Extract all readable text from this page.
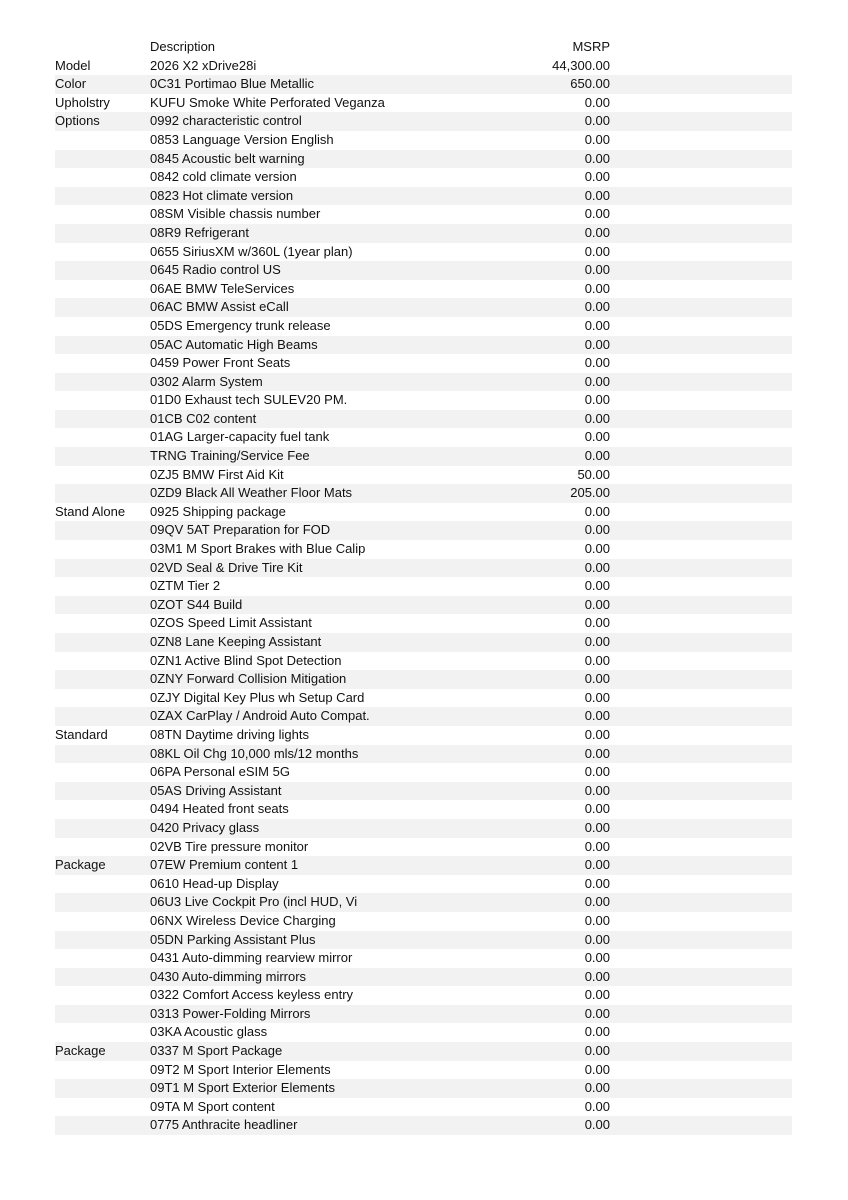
	Description	MSRP	
Model	2026 X2 xDrive28i	44,300.00	
Color	0C31 Portimao Blue Metallic	650.00	
Upholstry	KUFU Smoke White Perforated Veganza	0.00	
Options	0992 characteristic control	0.00	
	0853 Language Version English	0.00	
	0845 Acoustic belt warning	0.00	
	0842 cold climate version	0.00	
	0823 Hot climate version	0.00	
	08SM Visible chassis number	0.00	
	08R9 Refrigerant	0.00	
	0655 SiriusXM w/360L (1year plan)	0.00	
	0645 Radio control US	0.00	
	06AE BMW TeleServices	0.00	
	06AC BMW Assist eCall	0.00	
	05DS Emergency trunk release	0.00	
	05AC Automatic High Beams	0.00	
	0459 Power Front Seats	0.00	
	0302 Alarm System	0.00	
	01D0 Exhaust tech SULEV20 PM.	0.00	
	01CB C02 content	0.00	
	01AG Larger-capacity fuel tank	0.00	
	TRNG Training/Service Fee	0.00	
	0ZJ5 BMW First Aid Kit	50.00	
	0ZD9 Black All Weather Floor Mats	205.00	
Stand Alone	0925 Shipping package	0.00	
	09QV 5AT Preparation for FOD	0.00	
	03M1 M Sport Brakes with Blue Calip	0.00	
	02VD Seal & Drive Tire Kit	0.00	
	0ZTM Tier 2	0.00	
	0ZOT S44 Build	0.00	
	0ZOS Speed Limit Assistant	0.00	
	0ZN8 Lane Keeping Assistant	0.00	
	0ZN1 Active Blind Spot Detection	0.00	
	0ZNY Forward Collision Mitigation	0.00	
	0ZJY Digital Key Plus wh Setup Card	0.00	
	0ZAX CarPlay / Android Auto Compat.	0.00	
Standard	08TN Daytime driving lights	0.00	
	08KL Oil Chg 10,000 mls/12 months	0.00	
	06PA Personal eSIM 5G	0.00	
	05AS Driving Assistant	0.00	
	0494 Heated front seats	0.00	
	0420 Privacy glass	0.00	
	02VB Tire pressure monitor	0.00	
Package	07EW Premium content 1	0.00	
	0610 Head-up Display	0.00	
	06U3 Live Cockpit Pro (incl HUD, Vi	0.00	
	06NX Wireless Device Charging	0.00	
	05DN Parking Assistant Plus	0.00	
	0431 Auto-dimming rearview mirror	0.00	
	0430 Auto-dimming mirrors	0.00	
	0322 Comfort Access keyless entry	0.00	
	0313 Power-Folding Mirrors	0.00	
	03KA Acoustic glass	0.00	
Package	0337 M Sport Package	0.00	
	09T2 M Sport Interior Elements	0.00	
	09T1 M Sport Exterior Elements	0.00	
	09TA M Sport content	0.00	
	0775 Anthracite headliner	0.00	
